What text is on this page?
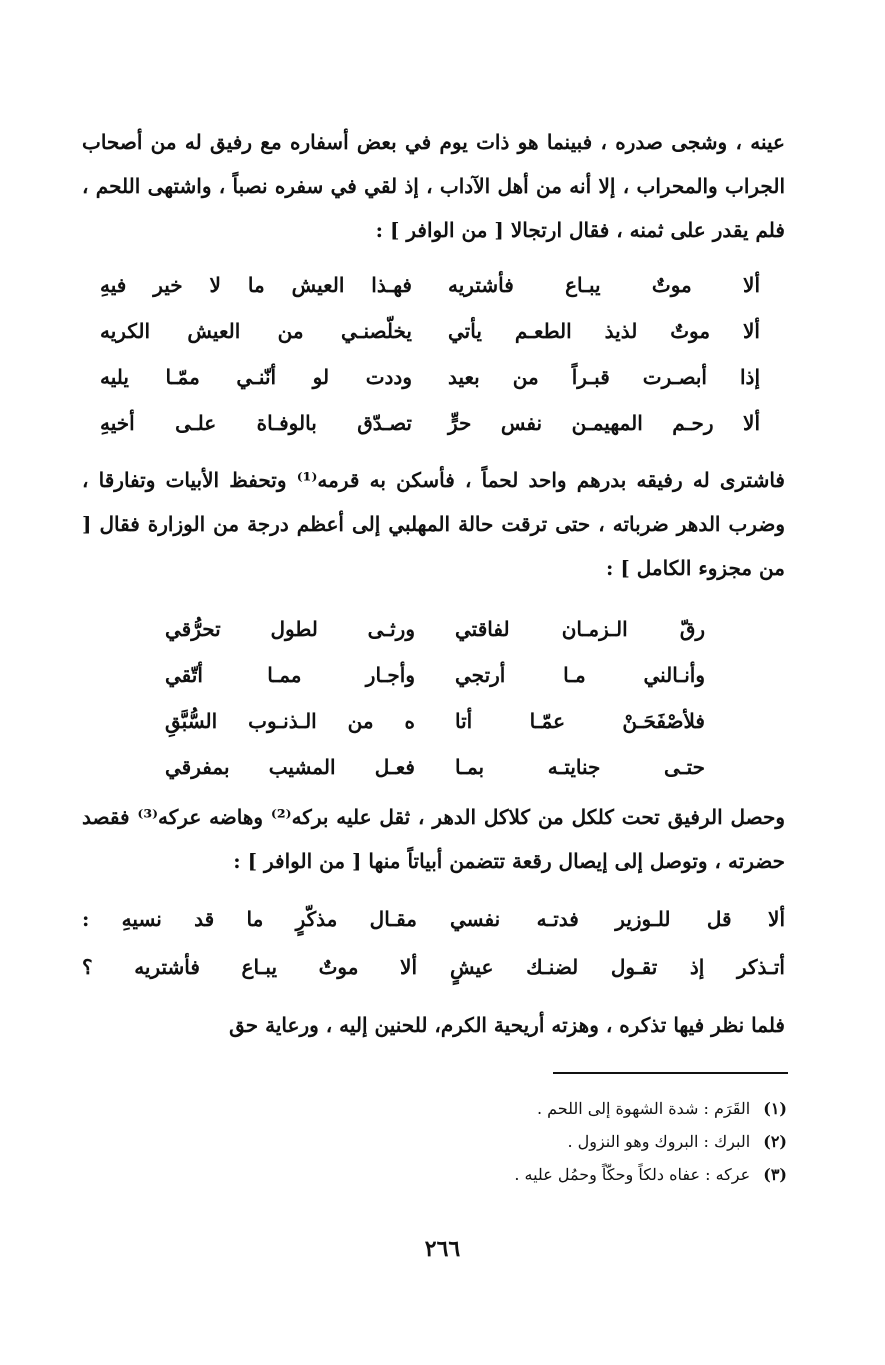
عينه ، وشجى صدره ، فبينما هو ذات يوم في بعض أسفاره مع رفيق له من أصحاب الجراب والمحراب ، إلا أنه من أهل الآداب ، إذ لقي في سفره نصباً ، واشتهى اللحم ، فلم يقدر على ثمنه ، فقال ارتجالا [ من الوافر ] :

ألا موتٌ يبـاع فأشتريه
فهـذا العيش ما لا خير فيهِ
ألا موتٌ لذيذ الطعـم يأتي
يخلّصنـي من العيش الكريه
إذا أبصـرت قبـراً من بعيد
وددت لو أنّنـي ممّـا يليه
ألا رحـم المهيمـن نفس حرٍّ
تصـدّق بالوفـاة علـى أخيهِ

فاشترى له رفيقه بدرهم واحد لحماً ، فأسكن به قرمه⁽¹⁾ وتحفظ الأبيات وتفارقا ، وضرب الدهر ضرباته ، حتى ترقت حالة المهلبي إلى أعظم درجة من الوزارة فقال [ من مجزوء الكامل ] :

رقّ الـزمـان لفاقتي
ورثـى لطول تحرُّقي
وأنـالني مـا أرتجي
وأجـار ممـا أتّقي
فلأصْفَحَـنْ عمّـا أتا
ه من الـذنـوب السُّبَّقِ
حتـى جنايتـه بمـا
فعـل المشيب بمفرقي

وحصل الرفيق تحت كلكل من كلاكل الدهر ، ثقل عليه بركه⁽²⁾ وهاضه عركه⁽³⁾ فقصد حضرته ، وتوصل إلى إيصال رقعة تتضمن أبياتاً منها [ من الوافر ] :

ألا قل للـوزير فدتـه نفسي
مقـال مذكّرٍ ما قد نسيهِ :
أتـذكر إذ تقـول لضنـك عيشٍ
ألا موتٌ يبـاع فأشتريه ؟

فلما نظر فيها تذكره ، وهزته أريحية الكرم، للحنين إليه ، ورعاية حق

(١) القَرَم : شدة الشهوة إلى اللحم .
(٢) البرك : البروك وهو النزول .
(٣) عركه : عفاه دلكاً وحكّاً وحمُل عليه .
٢٦٦
